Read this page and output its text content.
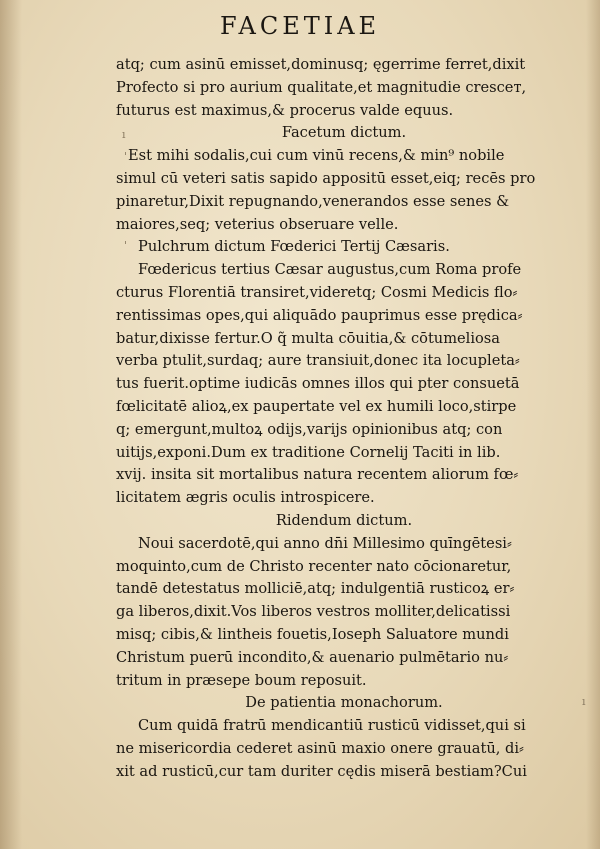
FACETIAE
ı
'
'
ı
atq; cum asinū emisset,dominusq; ęgerrime ferret,dixit
Profecto si pro aurium qualitate,et magnitudie cresceт,
futurus est maximus,& procerus valde equus.
Facetum dictum.
Est mihi sodalis,cui cum vinū recens,& min⁹ nobile
simul cū veteri satis sapido appositū esset,eiq; recēs pro
pinaretur,Dixit repugnando,venerandos esse senes &
maiores,seq; veterius obseruare velle.
Pulchrum dictum Fœderici Tertij Cæsaris.
Fœdericus tertius Cæsar augustus,cum Roma profe
cturus Florentiā transiret,videretq; Cosmi Medicis flo⸗
rentissimas opes,qui aliquādo pauprimus esse prędica⸗
batur,dixisse fertur.O q̃ multa cōuitia,& cōtumeliosa
verba ptulit,surdaq; aure transiuit,donec ita locupleta⸗
tus fuerit.optime iudicās omnes illos qui pter consuetā
fœlicitatē alioꝝ,ex paupertate vel ex humili loco,stirpe
q; emergunt,multoꝝ odijs,varijs opinionibus atq; con
uitijs,exponi.Dum ex traditione Cornelij Taciti in lib.
xvij. insita sit mortalibus natura recentem aliorum fœ⸗
licitatem ægris oculis introspicere.
Ridendum dictum.
Noui sacerdotē,qui anno dn̄i Millesimo quīngētesi⸗
moquinto,cum de Christo recenter nato cōcionaretur,
tandē detestatus molliciē,atq; indulgentiā rusticoꝝ er⸗
ga liberos,dixit.Vos liberos vestros molliter,delicatissi
misq; cibis,& lintheis fouetis,Ioseph Saluatore mundi
Christum puerū incondito,& auenario pulmētario nu⸗
tritum in præsepe boum reposuit.
De patientia monachorum.
Cum quidā fratrū mendicantiū rusticū vidisset,qui si
ne misericordia cederet asinū maxio onere grauatū, di⸗
xit ad rusticū,cur tam duriter cędis miserā bestiam?Cui
